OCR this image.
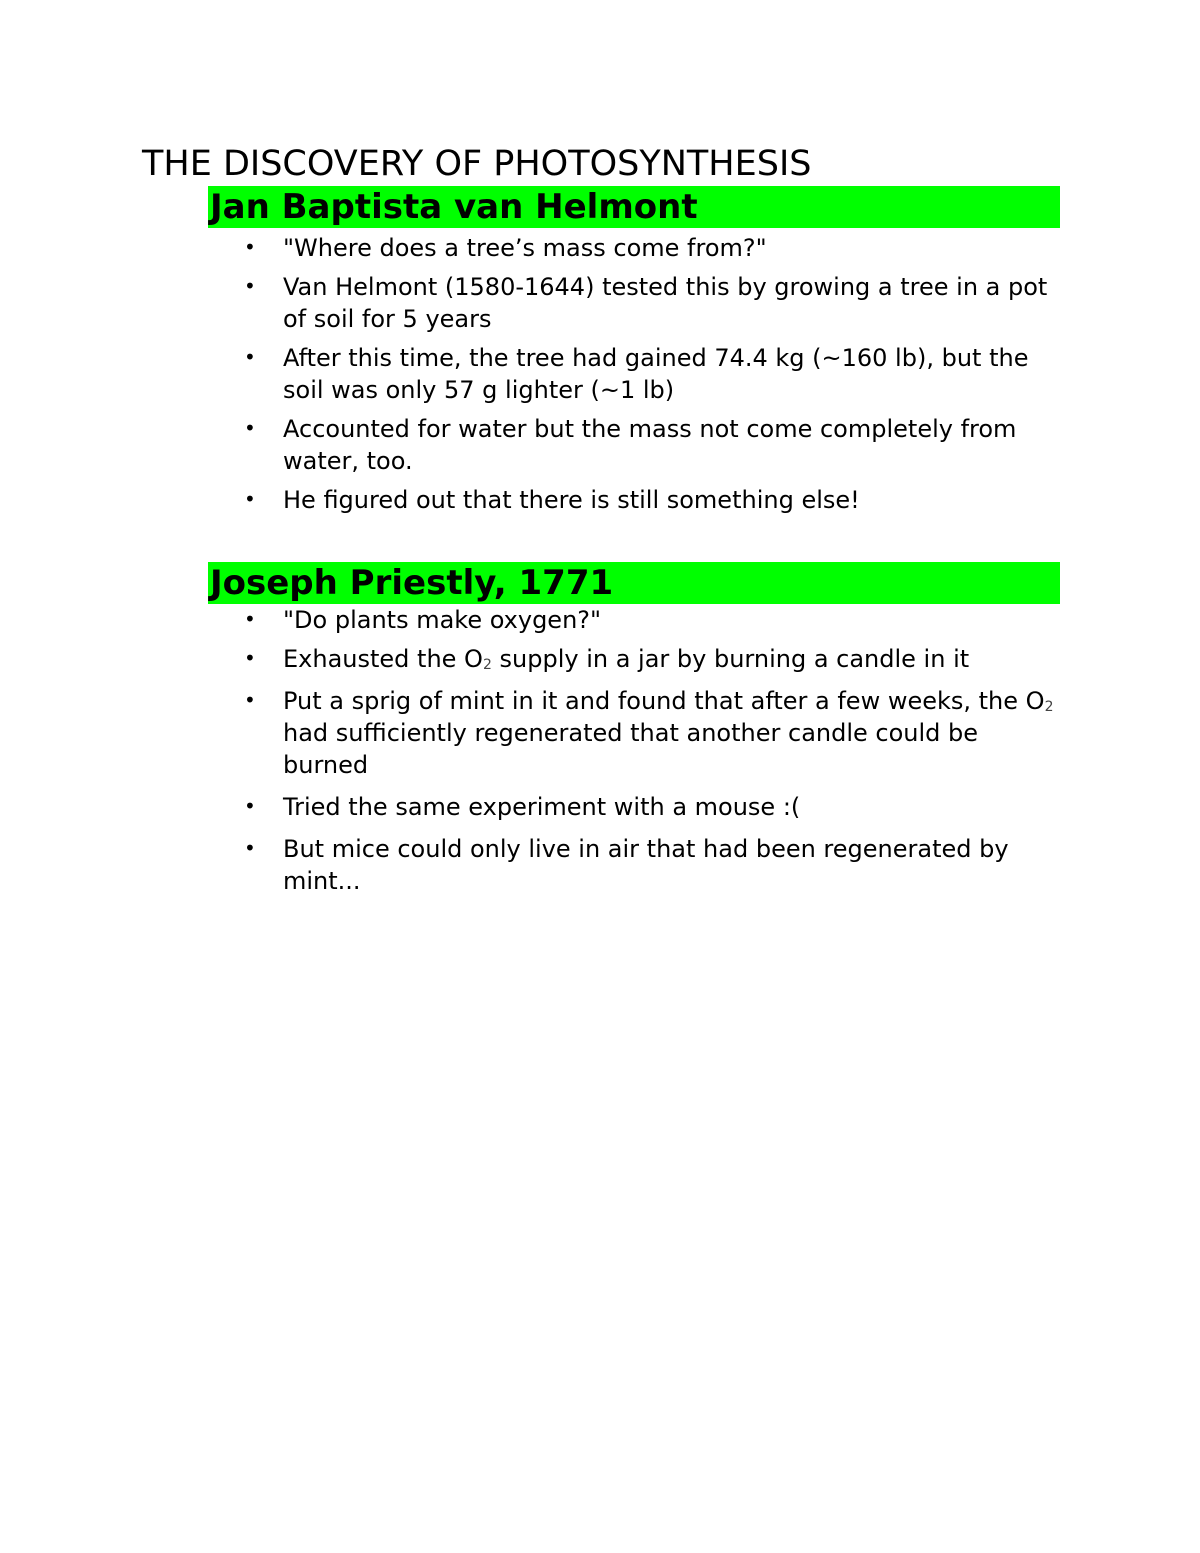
THE DISCOVERY OF PHOTOSYNTHESIS
Jan Baptista van Helmont
• "Where does a tree’s mass come from?"
• Van Helmont (1580-1644) tested this by growing a tree in a pot of soil for 5 years
• After this time, the tree had gained 74.4 kg (~160 lb), but the soil was only 57 g lighter (~1 lb)
• Accounted for water but the mass not come completely from water, too.
• He figured out that there is still something else!
Joseph Priestly, 1771
• "Do plants make oxygen?"
• Exhausted the $O_2$ supply in a jar by burning a candle in it
• Put a sprig of mint in it and found that after a few weeks, the $O_2$ had sufficiently regenerated that another candle could be burned
• Tried the same experiment with a mouse :(
• But mice could only live in air that had been regenerated by mint...
